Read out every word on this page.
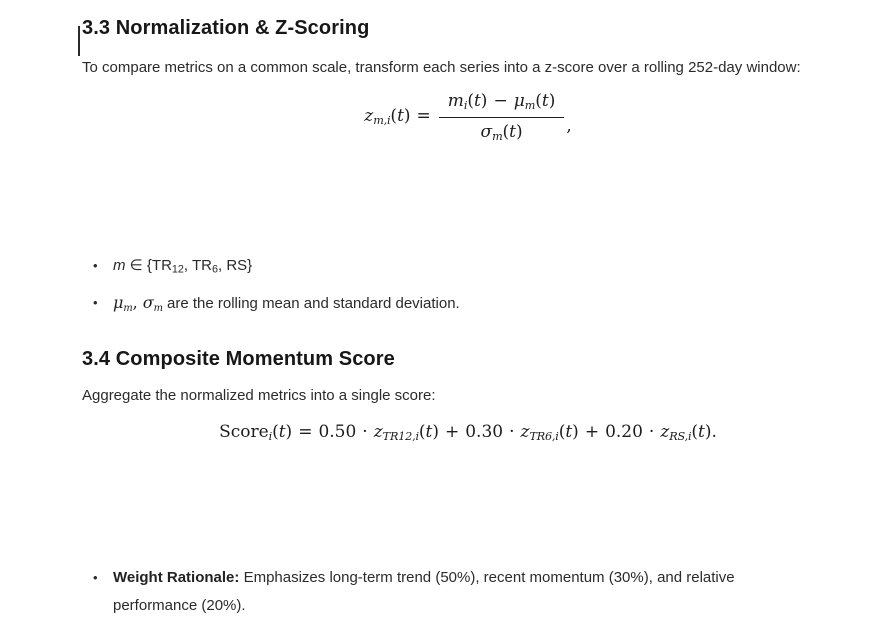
3.3 Normalization & Z-Scoring

To compare metrics on a common scale, transform each series into a z-score over a rolling 252-day window:

$zm,i(t) = \frac{mi(t) - \mu m(t)}{\sigma m(t)}$ ,
•	m ∈ {TR12, TR6, RS}
• μm, σm are the rolling mean and standard deviation.
3.4 Composite Momentum Score

Aggregate the normalized metrics into a single score:

Scorei(t) = 0.50 · zTR12,i(t) + 0.30 · zTR6,i(t) + 0.20 · zRS,i(t).
•	Weight Rationale: Emphasizes long-term trend (50%), recent momentum (30%), and relative performance (20%).
